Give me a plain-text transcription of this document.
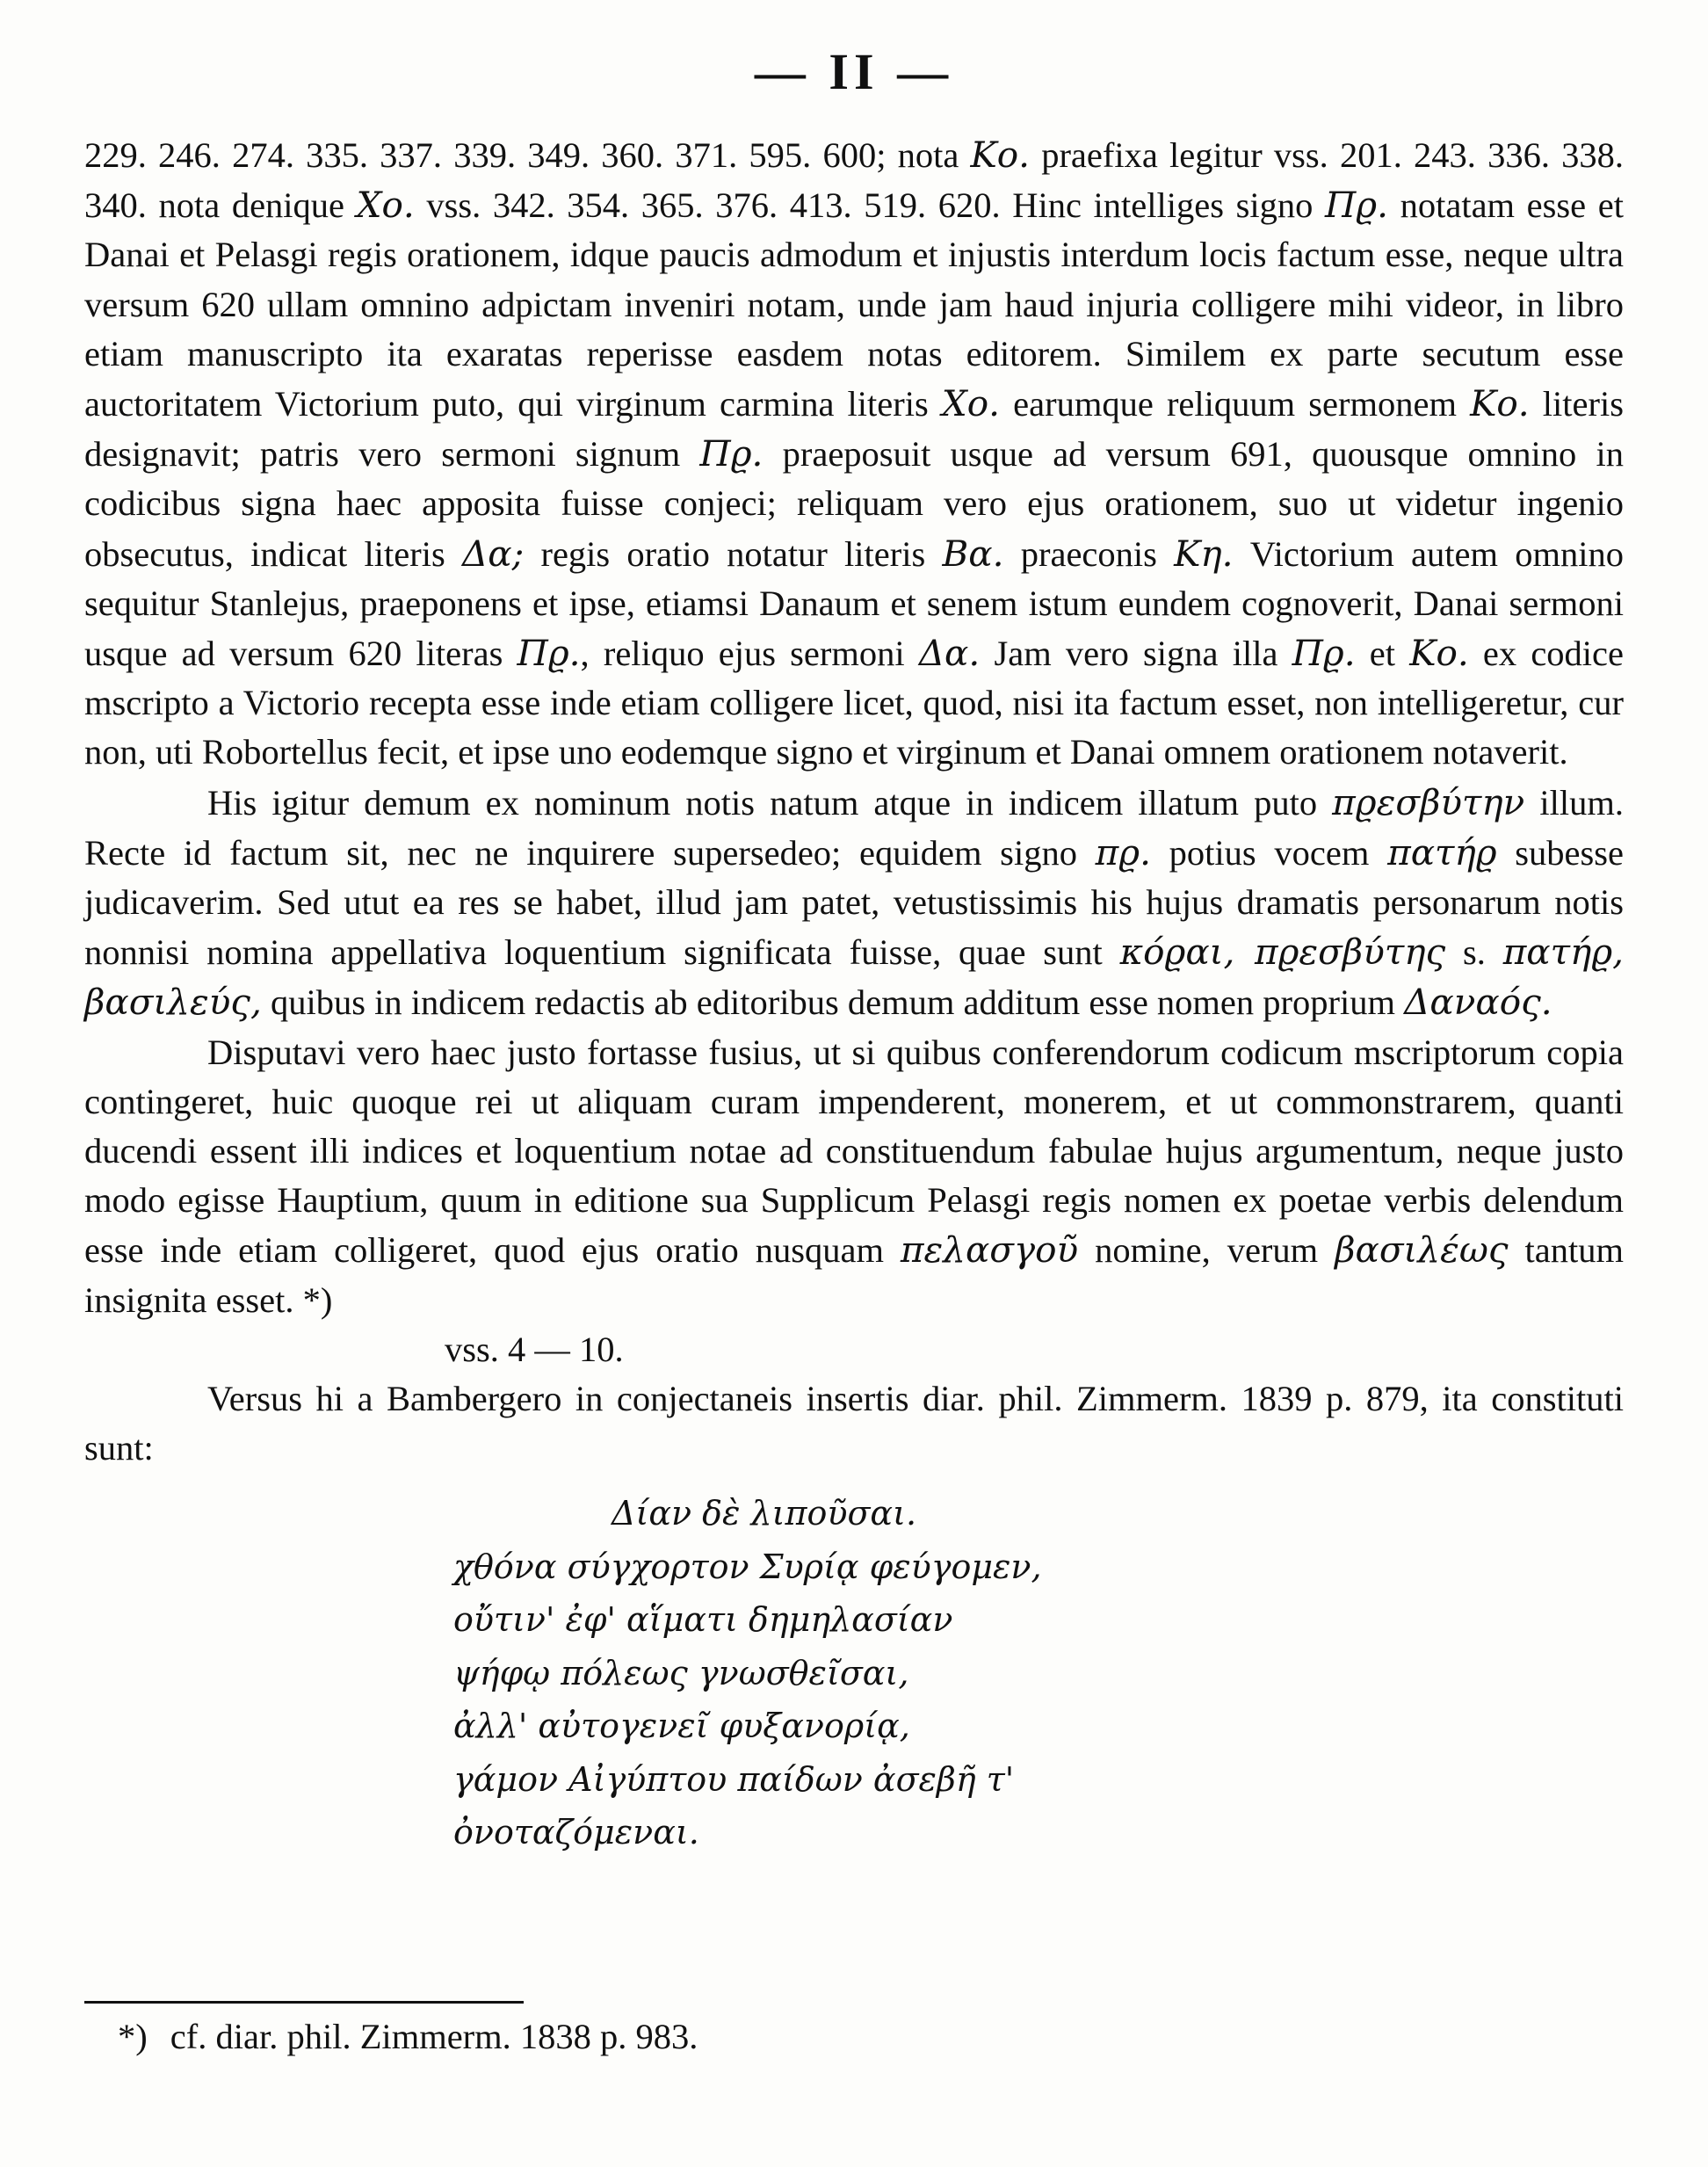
— II —

229. 246. 274. 335. 337. 339. 349. 360. 371. 595. 600; nota Κο. praefixa legitur vss. 201. 243. 336. 338. 340. nota denique Χο. vss. 342. 354. 365. 376. 413. 519. 620. Hinc intelliges signo Πϱ. notatam esse et Danai et Pelasgi regis orationem, idque paucis admodum et injustis interdum locis factum esse, neque ultra versum 620 ullam omnino adpictam inveniri notam, unde jam haud injuria colligere mihi videor, in libro etiam manuscripto ita exaratas reperisse easdem notas editorem. Similem ex parte secutum esse auctoritatem Victorium puto, qui virginum carmina literis Χο. earumque reliquum sermonem Κο. literis designavit; patris vero sermoni signum Πϱ. praeposuit usque ad versum 691, quousque omnino in codicibus signa haec apposita fuisse conjeci; reliquam vero ejus orationem, suo ut videtur ingenio obsecutus, indicat literis Δα; regis oratio notatur literis Βα. praeconis Κη. Victorium autem omnino sequitur Stanlejus, praeponens et ipse, etiamsi Danaum et senem istum eundem cognoverit, Danai sermoni usque ad versum 620 literas Πϱ., reliquo ejus sermoni Δα. Jam vero signa illa Πϱ. et Κο. ex codice mscripto a Victorio recepta esse inde etiam colligere licet, quod, nisi ita factum esset, non intelligeretur, cur non, uti Robortellus fecit, et ipse uno eodemque signo et virginum et Danai omnem orationem notaverit.

His igitur demum ex nominum notis natum atque in indicem illatum puto πϱεσβύτην illum. Recte id factum sit, nec ne inquirere supersedeo; equidem signo πϱ. potius vocem πατήϱ subesse judicaverim. Sed utut ea res se habet, illud jam patet, vetustissimis his hujus dramatis personarum notis nonnisi nomina appellativa loquentium significata fuisse, quae sunt κόϱαι, πϱεσβύτης s. πατήϱ, βασιλεύς, quibus in indicem redactis ab editoribus demum additum esse nomen proprium Δαναός.

Disputavi vero haec justo fortasse fusius, ut si quibus conferendorum codicum mscriptorum copia contingeret, huic quoque rei ut aliquam curam impenderent, monerem, et ut commonstrarem, quanti ducendi essent illi indices et loquentium notae ad constituendum fabulae hujus argumentum, neque justo modo egisse Hauptium, quum in editione sua Supplicum Pelasgi regis nomen ex poetae verbis delendum esse inde etiam colligeret, quod ejus oratio nusquam πελασγοῦ nomine, verum βασιλέως tantum insignita esset. *)

vss. 4 — 10.

Versus hi a Bambergero in conjectaneis insertis diar. phil. Zimmerm. 1839 p. 879, ita constituti sunt:

Δίαν δὲ λιποῦσαι.
χθόνα σύγχορτον Συρίᾳ φεύγομεν,
οὔτιν' ἐφ' αἵματι δημηλασίαν
ψήφῳ πόλεως γνωσθεῖσαι,
ἀλλ' αὐτογενεῖ φυξανορίᾳ,
γάμον Αἰγύπτου παίδων ἀσεβῆ τ'
ὀνοταζόμεναι.
*) cf. diar. phil. Zimmerm. 1838 p. 983.
